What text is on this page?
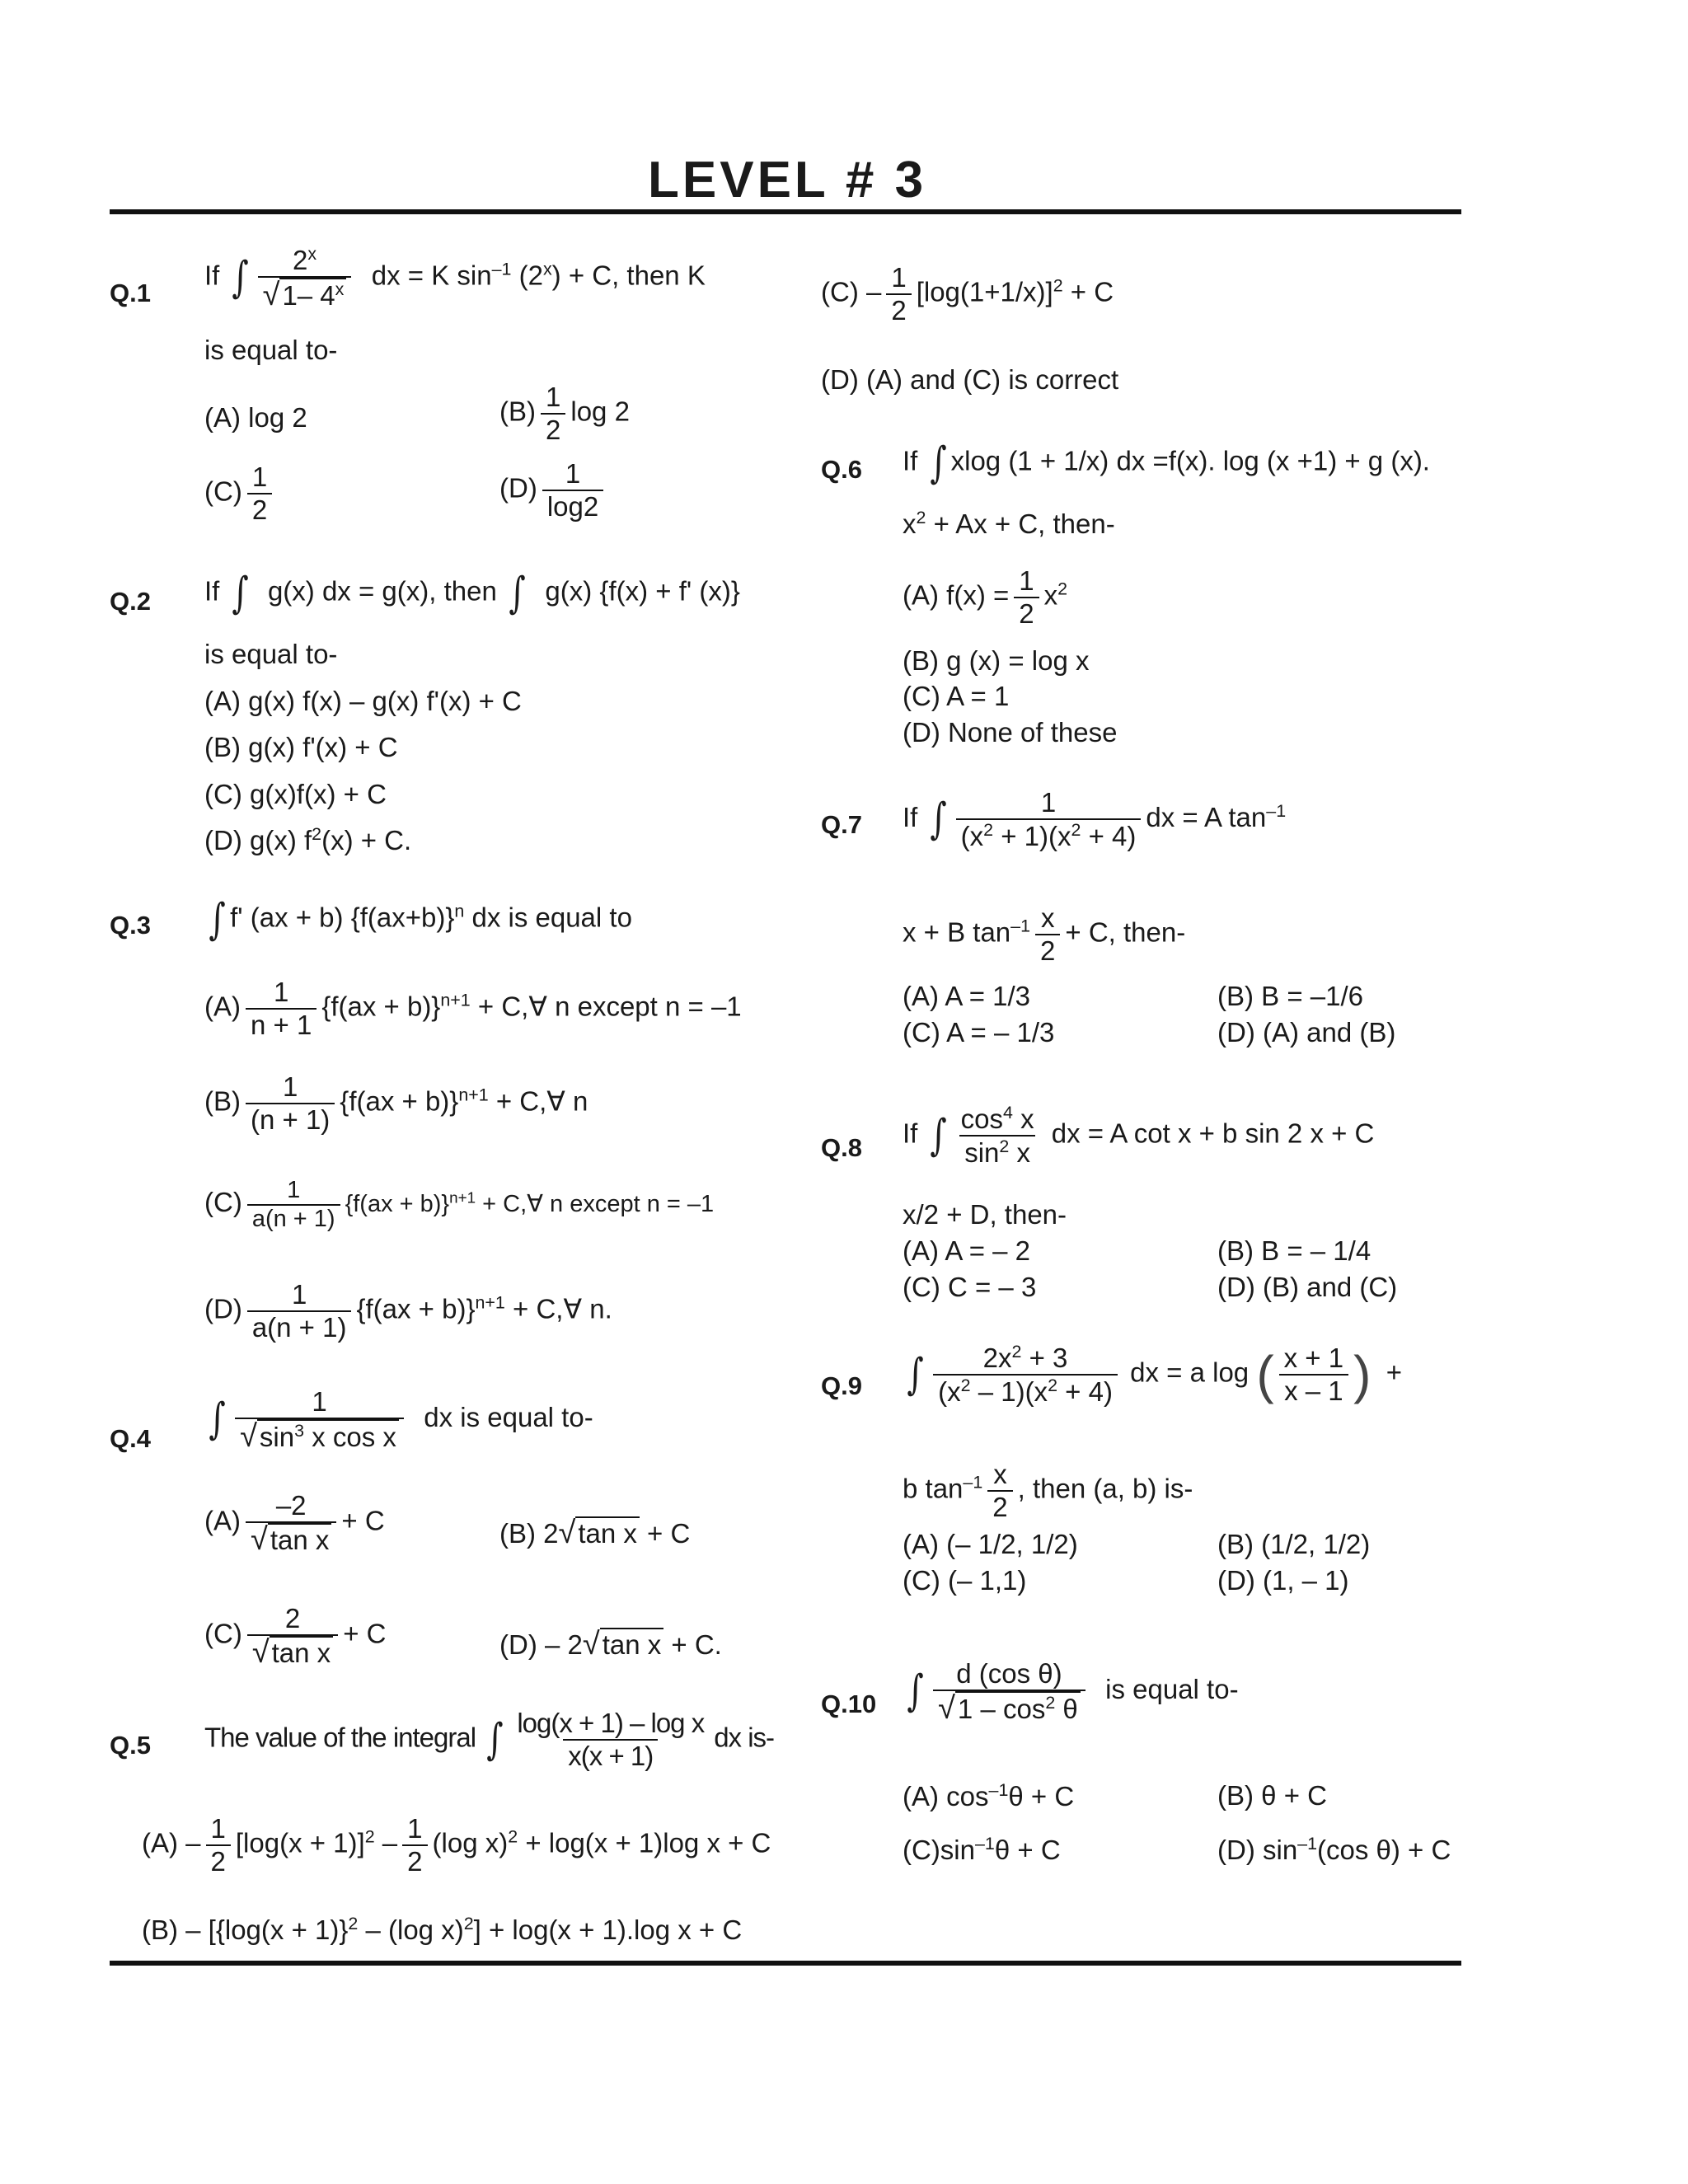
LEVEL # 3
Q.1
If ∫ $\frac{2^x}{√ 1- 4^x}$ dx = K $\sin^{-1} (2^x) + C$, then K
is equal to-
(A) log 2	$(B) \frac{1}{2}$ log 2
$(C) \frac{1}{2}$	$(D) \frac{1}{\log 2}$
Q.2 If ∫ g(x) dx = g(x), then ∫ g(x) {f(x) + f' (x)}
is equal to-
(A) g(x) f(x) – g(x) f'(x) + C
(B) g(x) f'(x) + C
(C) g(x)f(x) + C
(D) g(x) $f^2(x) + C$.
Q.3 ∫ f' (ax + b) $\{f(ax+b)\}^n$ dx is equal to
$(A) \frac{1}{n + 1} \{f(ax + b)\}^{n+1}$ + C,∀ n except n = –1
$(B) \frac{1}{(n + 1)} \{f(ax + b)\}^{n+1}$ + C,∀ n
$(C) \frac{1}{a(n + 1)} \{f(ax + b)\}^{n+1}$ + C,∀ n except n = –1
$(D) \frac{1}{a(n + 1)} \{f(ax + b)\}^{n+1}$ + C,∀ n.
Q.4 ∫ $\frac{1}{√ \sin^3 x \cos x}$ dx is equal to-
$(A) \frac{-2}{\text{√ tan x}} + C$	(B) 2 √ tan x + C
$(C) \frac{2}{\text{√ tan x}} + C$	(D) – 2 √ tan x + C.
Q.5 The value of the integral ∫ $\frac{\text{log(x + 1) – log x}}{x(x + 1)}$ dx is-
$(A) - \frac{1}{2} [\log(x + 1)]^2 - \frac{1}{2} (\log$ x)$^2$ + log(x + 1)log x + C
$(B) - [\{\log(x + 1)\}^2 - (\log$ x)$^2$] + log(x + 1).log x + C
$(C) - \frac{1}{2} [\log(1+1/x)]^2 + C$
(D) (A) and (C) is correct
Q.6 If ∫ xlog (1 + 1/x) dx =f(x). log (x +1) + g (x).
$x^2 + Ax + C$, then-
(A) $f(x) = \frac{1}{2} x^2$
(B) g (x) = log x
(C) A = 1
(D) None of these
Q.7 If ∫ $\frac{1}{(x^2 + 1)(x^2 + 4)}$ dx = A $\tan^{-1}$
x + B $\tan^{-1} \frac{x}{2} + C$, then-
(A) A = 1/3	(B) B = –1/6
(C) A = – 1/3	(D) (A) and (B)
Q.8 If ∫ $\frac{\cos^4 x}{\sin^2 x}$ dx = A cot x + b sin 2 x + C
x/2 + D, then-
(A) A = – 2	(B) B = – 1/4
(C) C = – 3	(D) (B) and (C)
Q.9 ∫ $\frac{2x^2 + 3}{(x^2 - 1)(x^2 + 4)}$ dx = a log ( $\frac{x + 1}{x - 1}$ ) +
b $\tan^{-1} \frac{x}{2}$ , then (a, b) is-
(A) (– 1/2, 1/2)	(B) (1/2, 1/2)
(C) (– 1,1)	(D) (1, – 1)
Q.10 ∫ $\frac{\text{d (cos θ)}}{√ 1 - \cos^2 \theta}$ is equal to-
(A) $\cos^{-1}\theta + C$	(B) θ + C
$(C)\sin^{-1}\theta + C$	(D) $\sin^{-1}(\cos$ θ) + C
